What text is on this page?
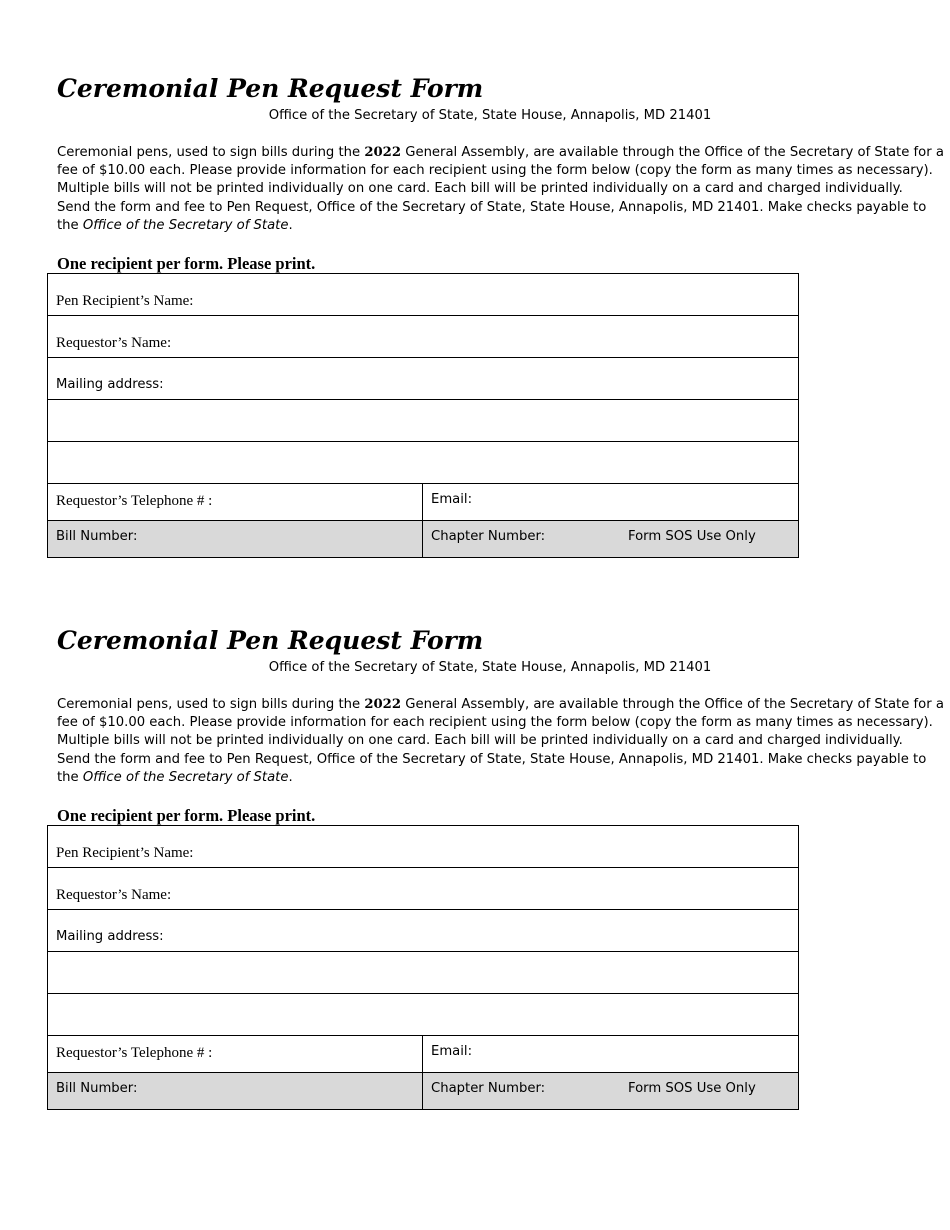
Ceremonial Pen Request Form
Office of the Secretary of State, State House, Annapolis, MD 21401
Ceremonial pens, used to sign bills during the 2022 General Assembly, are available through the Office of the Secretary of State for a
fee of $10.00 each. Please provide information for each recipient using the form below (copy the form as many times as necessary).
Multiple bills will not be printed individually on one card. Each bill will be printed individually on a card and charged individually.
Send the form and fee to Pen Request, Office of the Secretary of State, State House, Annapolis, MD 21401. Make checks payable to
the Office of the Secretary of State.
One recipient per form. Please print.
Pen Recipient’s Name:
Requestor’s Name:
Mailing address:
Requestor’s Telephone # :	Email:
Bill Number:	Chapter Number:	Form SOS Use Only
Ceremonial Pen Request Form
Office of the Secretary of State, State House, Annapolis, MD 21401
Ceremonial pens, used to sign bills during the 2022 General Assembly, are available through the Office of the Secretary of State for a
fee of $10.00 each. Please provide information for each recipient using the form below (copy the form as many times as necessary).
Multiple bills will not be printed individually on one card. Each bill will be printed individually on a card and charged individually.
Send the form and fee to Pen Request, Office of the Secretary of State, State House, Annapolis, MD 21401. Make checks payable to
the Office of the Secretary of State.
One recipient per form. Please print.
Pen Recipient’s Name:
Requestor’s Name:
Mailing address:
Requestor’s Telephone # :	Email:
Bill Number:	Chapter Number:	Form SOS Use Only
